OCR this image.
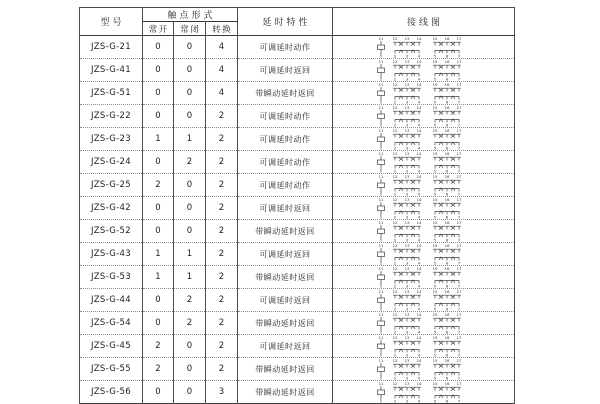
型号	触点形式			延时特性	接线图
	常开	常闭	转换		
JZS-G-21	0	0	4	可调延时动作	
11 12 13 14	15 16 17
1	2	3	4	5	6	7

JZS-G-41	0	0	4	可调延时返回	
11 12 13 14	15 16 17
1	2	3	4	5	6	7

JZS-G-51	0	0	4	带瞬动延时返回	
11 12 13 14	15 16 17
1	2	3	4	5	6	7

JZS-G-22	0	0	2	可调延时动作	
11 12 13 14	15 16 17
1	2	3	4	5	6	7

JZS-G-23	1	1	2	可调延时动作	
11 12 13 14	15 16 17
1	2	3	4	5	6	7

JZS-G-24	0	2	2	可调延时动作	
11 12 13 14	15 16 17
1	2	3	4	5	6	7

JZS-G-25	2	0	2	可调延时动作	
11 12 13 14	15 16 17
1	2	3	4	5	6	7

JZS-G-42	0	0	2	可调延时返回	
11 12 13 14	15 16 17
1	2	3	4	5	6	7

JZS-G-52	0	0	2	带瞬动延时返回	
11 12 13 14	15 16 17
1	2	3	4	5	6	7

JZS-G-43	1	1	2	可调延时返回	
11 12 13 14	15 16 17
1	2	3	4	5	6	7

JZS-G-53	1	1	2	带瞬动延时返回	
11 12 13 14	15 16 17
1	2	3	4	5	6	7

JZS-G-44	0	2	2	可调延时返回	
11 12 13 14	15 16 17
1	2	3	4	5	6	7

JZS-G-54	0	2	2	带瞬动延时返回	
11 12 13 14	15 16 17
1	2	3	4	5	6	7

JZS-G-45	2	0	2	可调延时返回	
11 12 13 14	15 16 17
1	2	3	4	5	6	7

JZS-G-55	2	0	2	带瞬动延时返回	
11 12 13 14	15 16 17
1	2	3	4	5	6	7

JZS-G-56	0	0	3	带瞬动延时返回	
11 12 13 14	15 16 17
1	2	3	4	5	6	7
